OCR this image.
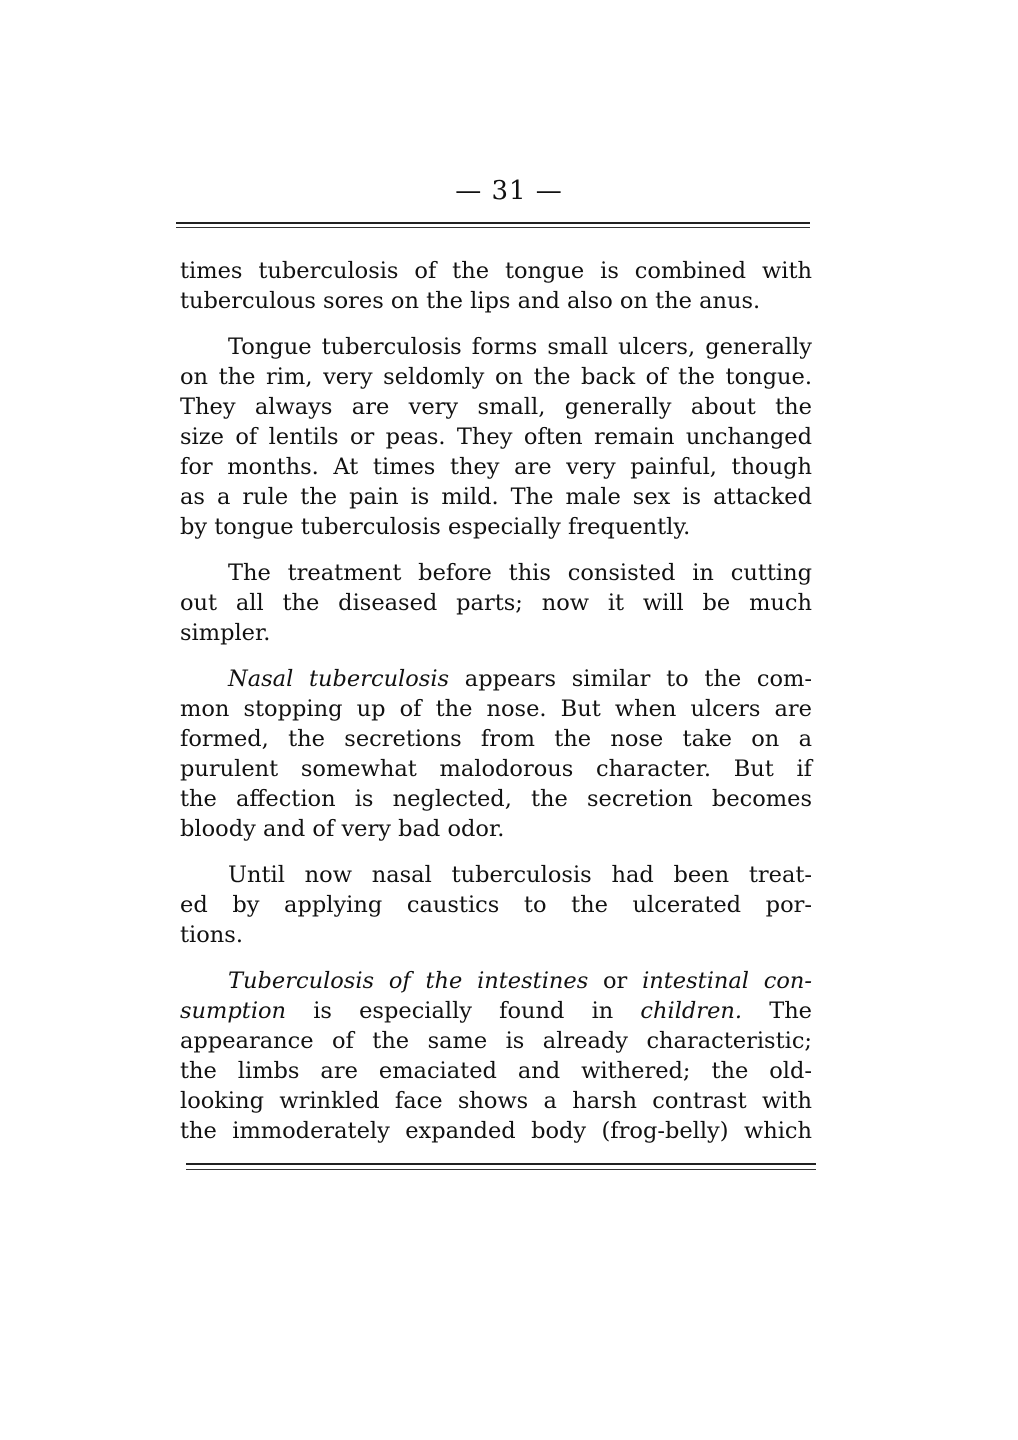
— 31 —

times tuberculosis of the tongue is combined with
tuberculous sores on the lips and also on the anus.

Tongue tuberculosis forms small ulcers, generally
on the rim, very seldomly on the back of the tongue.
They always are very small, generally about the
size of lentils or peas. They often remain unchanged
for months. At times they are very painful, though
as a rule the pain is mild. The male sex is attacked
by tongue tuberculosis especially frequently.

The treatment before this consisted in cutting
out all the diseased parts; now it will be much
simpler.

Nasal tuberculosis appears similar to the com-
mon stopping up of the nose. But when ulcers are
formed, the secretions from the nose take on a
purulent somewhat malodorous character. But if
the affection is neglected, the secretion becomes
bloody and of very bad odor.

Until now nasal tuberculosis had been treat-
ed by applying caustics to the ulcerated por-
tions.

Tuberculosis of the intestines or intestinal con-
sumption is especially found in children. The
appearance of the same is already characteristic;
the limbs are emaciated and withered; the old-
looking wrinkled face shows a harsh contrast with
the immoderately expanded body (frog-belly) which
